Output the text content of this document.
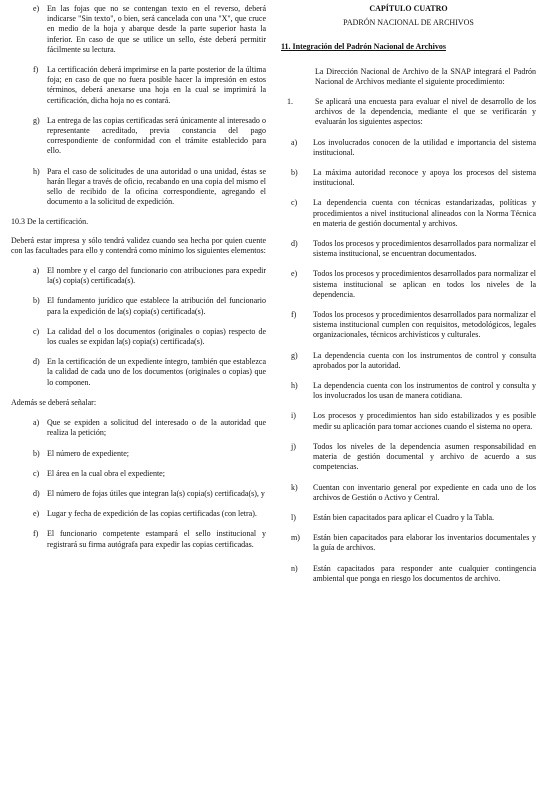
e) En las fojas que no se contengan texto en el reverso, deberá indicarse "Sin texto", o bien, será cancelada con una "X", que cruce en medio de la hoja y abarque desde la parte superior hasta la inferior. En caso de que se utilice un sello, éste deberá permitir fácilmente su lectura.
f)	La certificación deberá imprimirse en la parte posterior de la última foja; en caso de que no fuera posible hacer la impresión en estos términos, deberá anexarse una hoja en la cual se imprimirá la certificación, dicha hoja no es contará.
g) La entrega de las copias certificadas será únicamente al interesado o representante acreditado, previa constancia del pago correspondiente de conformidad con el trámite establecido para ello.
h) Para el caso de solicitudes de una autoridad o una unidad, éstas se harán llegar a través de oficio, recabando en una copia del mismo el sello de recibido de la oficina correspondiente, agregando el documento a la solicitud de expedición.
10.3 De la certificación.
Deberá estar impresa y sólo tendrá validez cuando sea hecha por quien cuente con las facultades para ello y contendrá como mínimo los siguientes elementos:
a) El nombre y el cargo del funcionario con atribuciones para expedir la(s) copia(s) certificada(s).
b) El fundamento jurídico que establece la atribución del funcionario para la expedición de la(s) copia(s) certificada(s).
c) La calidad del o los documentos (originales o copias) respecto de los cuales se expidan la(s) copia(s) certificada(s).
d) En la certificación de un expediente íntegro, también que establezca la calidad de cada uno de los documentos (originales o copias) que lo componen.
Además se deberá señalar:
a) Que se expiden a solicitud del interesado o de la autoridad que realiza la petición;
b) El número de expediente;
c) El área en la cual obra el expediente;
d) El número de fojas útiles que integran la(s) copia(s) certificada(s), y
e) Lugar y fecha de expedición de las copias certificadas (con letra).
f)	El funcionario competente estampará el sello institucional y registrará su firma autógrafa para expedir las copias certificadas.
CAPÍTULO CUATRO
PADRÓN NACIONAL DE ARCHIVOS
11. Integración del Padrón Nacional de Archivos
La Dirección Nacional de Archivo de la SNAP integrará el Padrón Nacional de Archivos mediante el siguiente procedimiento:
1.	Se aplicará una encuesta para evaluar el nivel de desarrollo de los archivos de la dependencia, mediante el que se verificarán y evaluarán los siguientes aspectos:
a)	Los involucrados conocen de la utilidad e importancia del sistema institucional.
b)	La máxima autoridad reconoce y apoya los procesos del sistema institucional.
c)	La dependencia cuenta con técnicas estandarizadas, políticas y procedimientos a nivel institucional alineados con la Norma Técnica en materia de gestión documental y archivos.
d)	Todos los procesos y procedimientos desarrollados para normalizar el sistema institucional, se encuentran documentados.
e)	Todos los procesos y procedimientos desarrollados para normalizar el sistema institucional se aplican en todos los niveles de la dependencia.
f)	Todos los procesos y procedimientos desarrollados para normalizar el sistema institucional cumplen con requisitos, metodológicos, legales organizacionales, técnicos archivísticos y culturales.
g)	La dependencia cuenta con los instrumentos de control y consulta aprobados por la autoridad.
h)	La dependencia cuenta con los instrumentos de control y consulta y los involucrados los usan de manera cotidiana.
i)	Los procesos y procedimientos han sido estabilizados y es posible medir su aplicación para tomar acciones cuando el sistema no opera.
j)	Todos los niveles de la dependencia asumen responsabilidad en materia de gestión documental y archivo de acuerdo a sus competencias.
k)	Cuentan con inventario general por expediente en cada uno de los archivos de Gestión o Activo y Central.
l)	Están bien capacitados para aplicar el Cuadro y la Tabla.
m)	Están bien capacitados para elaborar los inventarios documentales y la guía de archivos.
n)	Están capacitados para responder ante cualquier contingencia ambiental que ponga en riesgo los documentos de archivo.
